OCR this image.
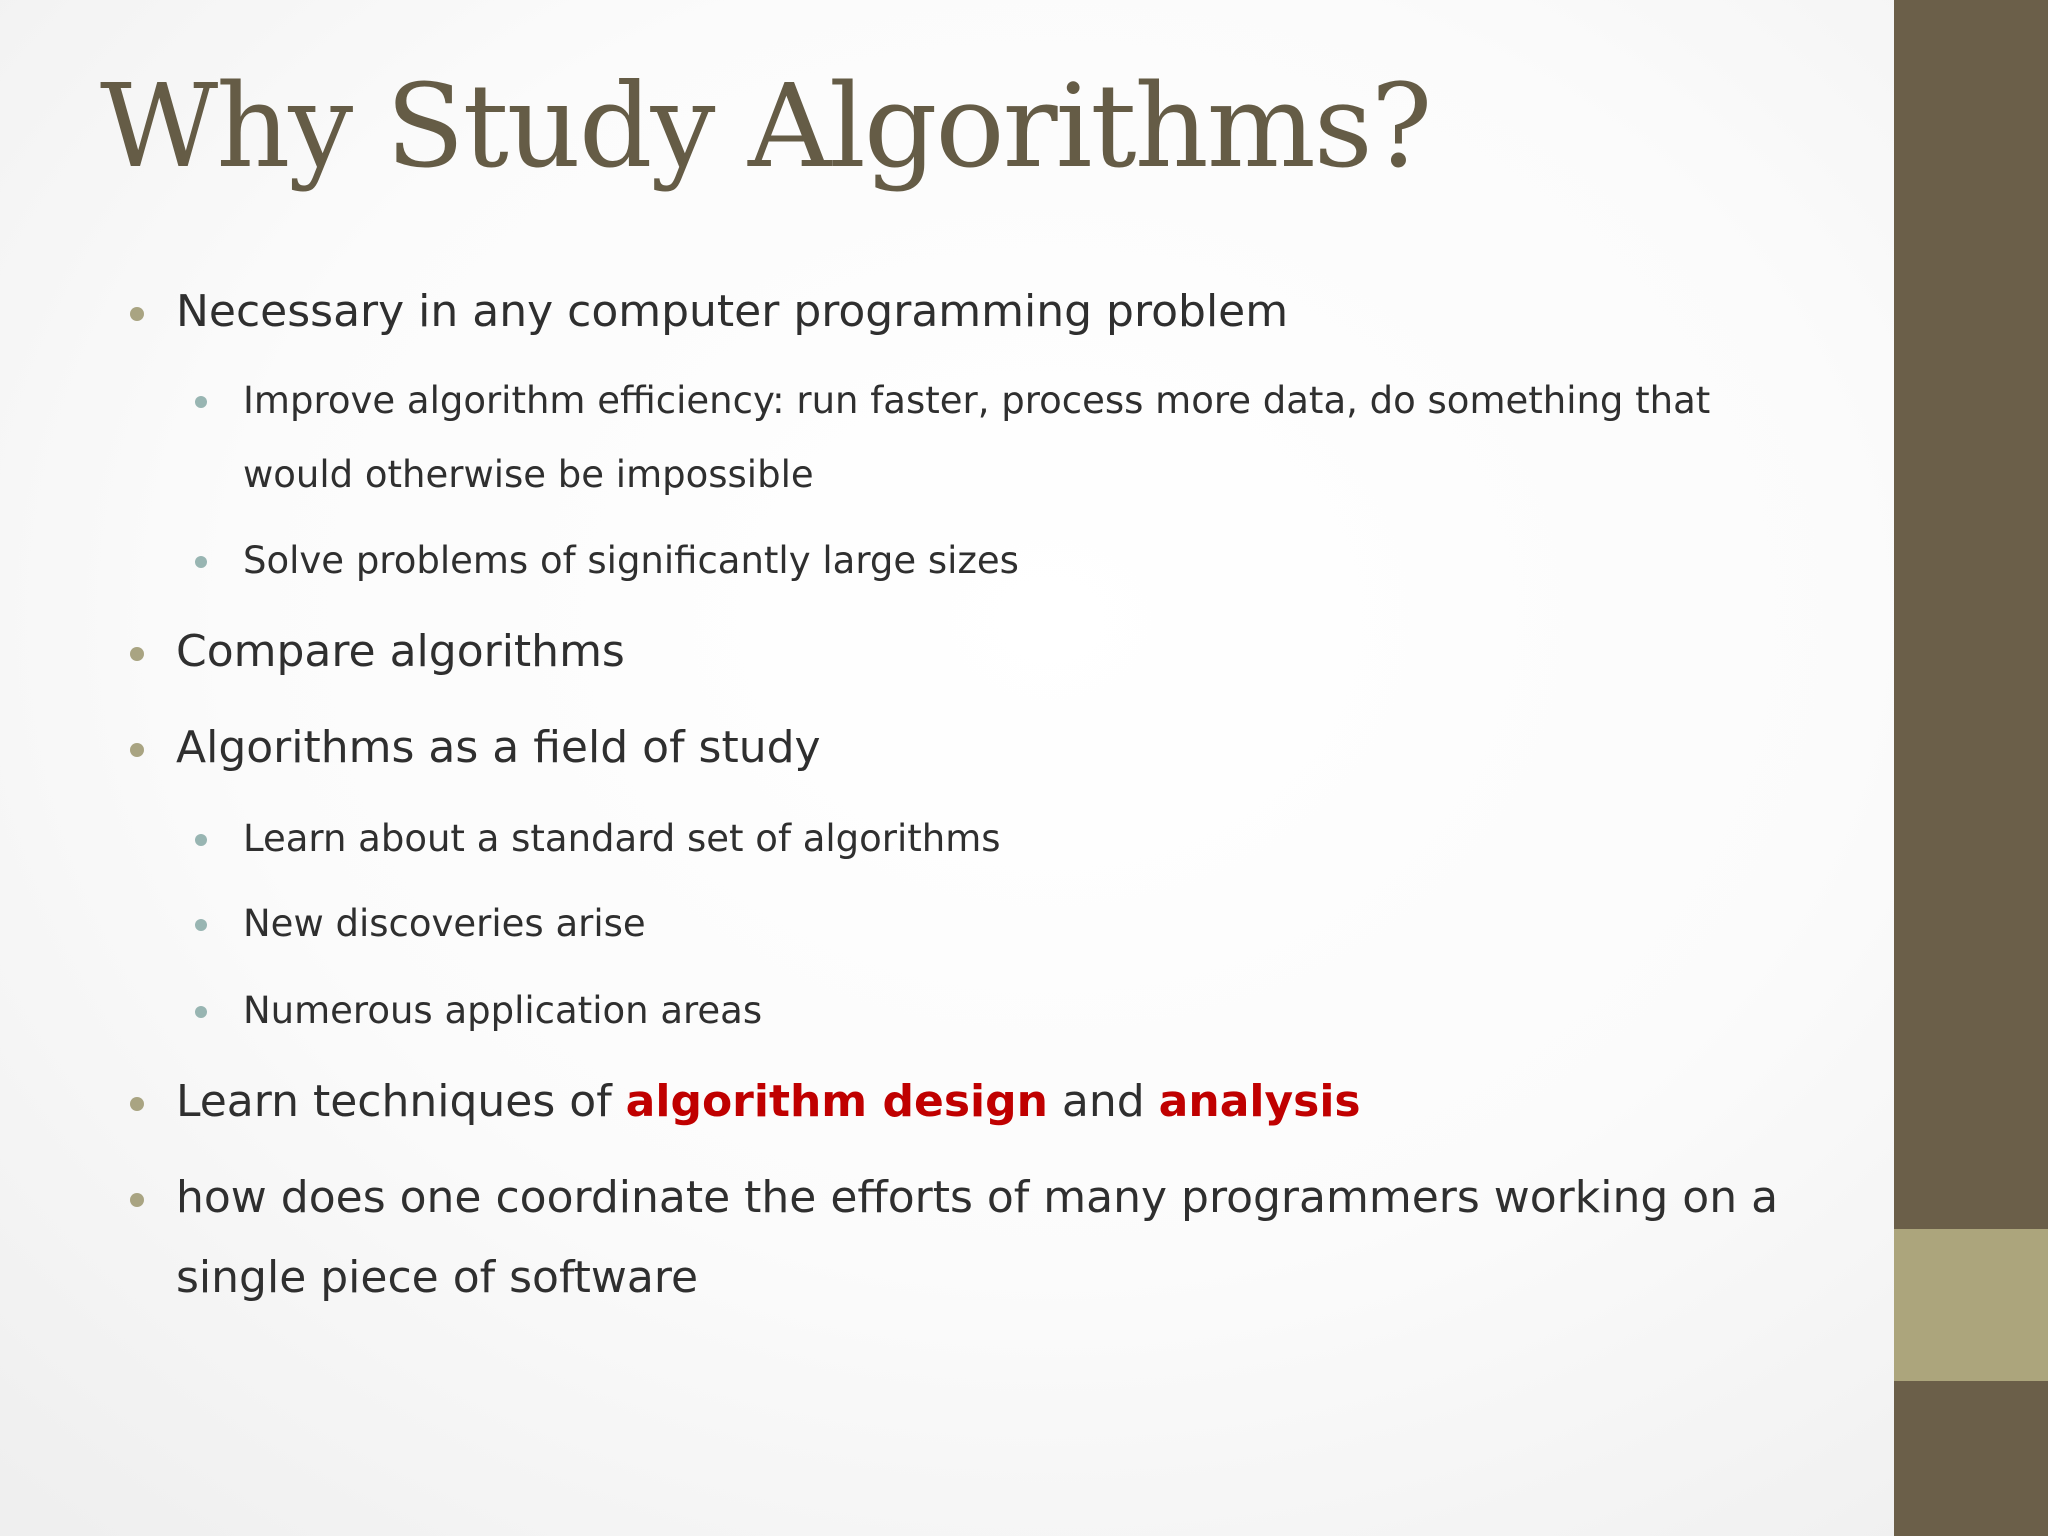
Why Study Algorithms?
Necessary in any computer programming problem
Improve algorithm efficiency: run faster, process more data, do something that
would otherwise be impossible
Solve problems of significantly large sizes
Compare algorithms
Algorithms as a field of study
Learn about a standard set of algorithms
New discoveries arise
Numerous application areas
Learn techniques of algorithm design and analysis
how does one coordinate the efforts of many programmers working on a
single piece of software
